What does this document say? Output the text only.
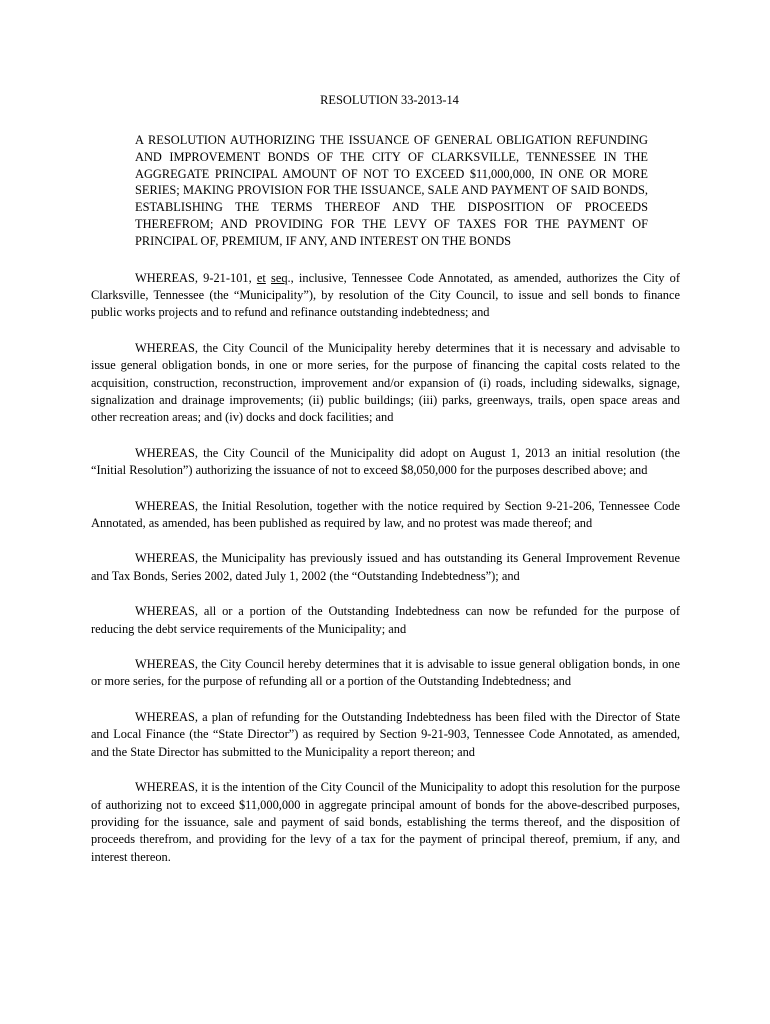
RESOLUTION 33-2013-14
A RESOLUTION AUTHORIZING THE ISSUANCE OF GENERAL OBLIGATION REFUNDING AND IMPROVEMENT BONDS OF THE CITY OF CLARKSVILLE, TENNESSEE IN THE AGGREGATE PRINCIPAL AMOUNT OF NOT TO EXCEED $11,000,000, IN ONE OR MORE SERIES; MAKING PROVISION FOR THE ISSUANCE, SALE AND PAYMENT OF SAID BONDS, ESTABLISHING THE TERMS THEREOF AND THE DISPOSITION OF PROCEEDS THEREFROM; AND PROVIDING FOR THE LEVY OF TAXES FOR THE PAYMENT OF PRINCIPAL OF, PREMIUM, IF ANY, AND INTEREST ON THE BONDS

WHEREAS, 9-21-101, et seq., inclusive, Tennessee Code Annotated, as amended, authorizes the City of Clarksville, Tennessee (the “Municipality”), by resolution of the City Council, to issue and sell bonds to finance public works projects and to refund and refinance outstanding indebtedness; and

WHEREAS, the City Council of the Municipality hereby determines that it is necessary and advisable to issue general obligation bonds, in one or more series, for the purpose of financing the capital costs related to the acquisition, construction, reconstruction, improvement and/or expansion of (i) roads, including sidewalks, signage, signalization and drainage improvements; (ii) public buildings; (iii) parks, greenways, trails, open space areas and other recreation areas; and (iv) docks and dock facilities; and

WHEREAS, the City Council of the Municipality did adopt on August 1, 2013 an initial resolution (the “Initial Resolution”) authorizing the issuance of not to exceed $8,050,000 for the purposes described above; and

WHEREAS, the Initial Resolution, together with the notice required by Section 9-21-206, Tennessee Code Annotated, as amended, has been published as required by law, and no protest was made thereof; and

WHEREAS, the Municipality has previously issued and has outstanding its General Improvement Revenue and Tax Bonds, Series 2002, dated July 1, 2002 (the “Outstanding Indebtedness”); and

WHEREAS, all or a portion of the Outstanding Indebtedness can now be refunded for the purpose of reducing the debt service requirements of the Municipality; and

WHEREAS, the City Council hereby determines that it is advisable to issue general obligation bonds, in one or more series, for the purpose of refunding all or a portion of the Outstanding Indebtedness; and

WHEREAS, a plan of refunding for the Outstanding Indebtedness has been filed with the Director of State and Local Finance (the “State Director”) as required by Section 9-21-903, Tennessee Code Annotated, as amended, and the State Director has submitted to the Municipality a report thereon; and

WHEREAS, it is the intention of the City Council of the Municipality to adopt this resolution for the purpose of authorizing not to exceed $11,000,000 in aggregate principal amount of bonds for the above-described purposes, providing for the issuance, sale and payment of said bonds, establishing the terms thereof, and the disposition of proceeds therefrom, and providing for the levy of a tax for the payment of principal thereof, premium, if any, and interest thereon.
